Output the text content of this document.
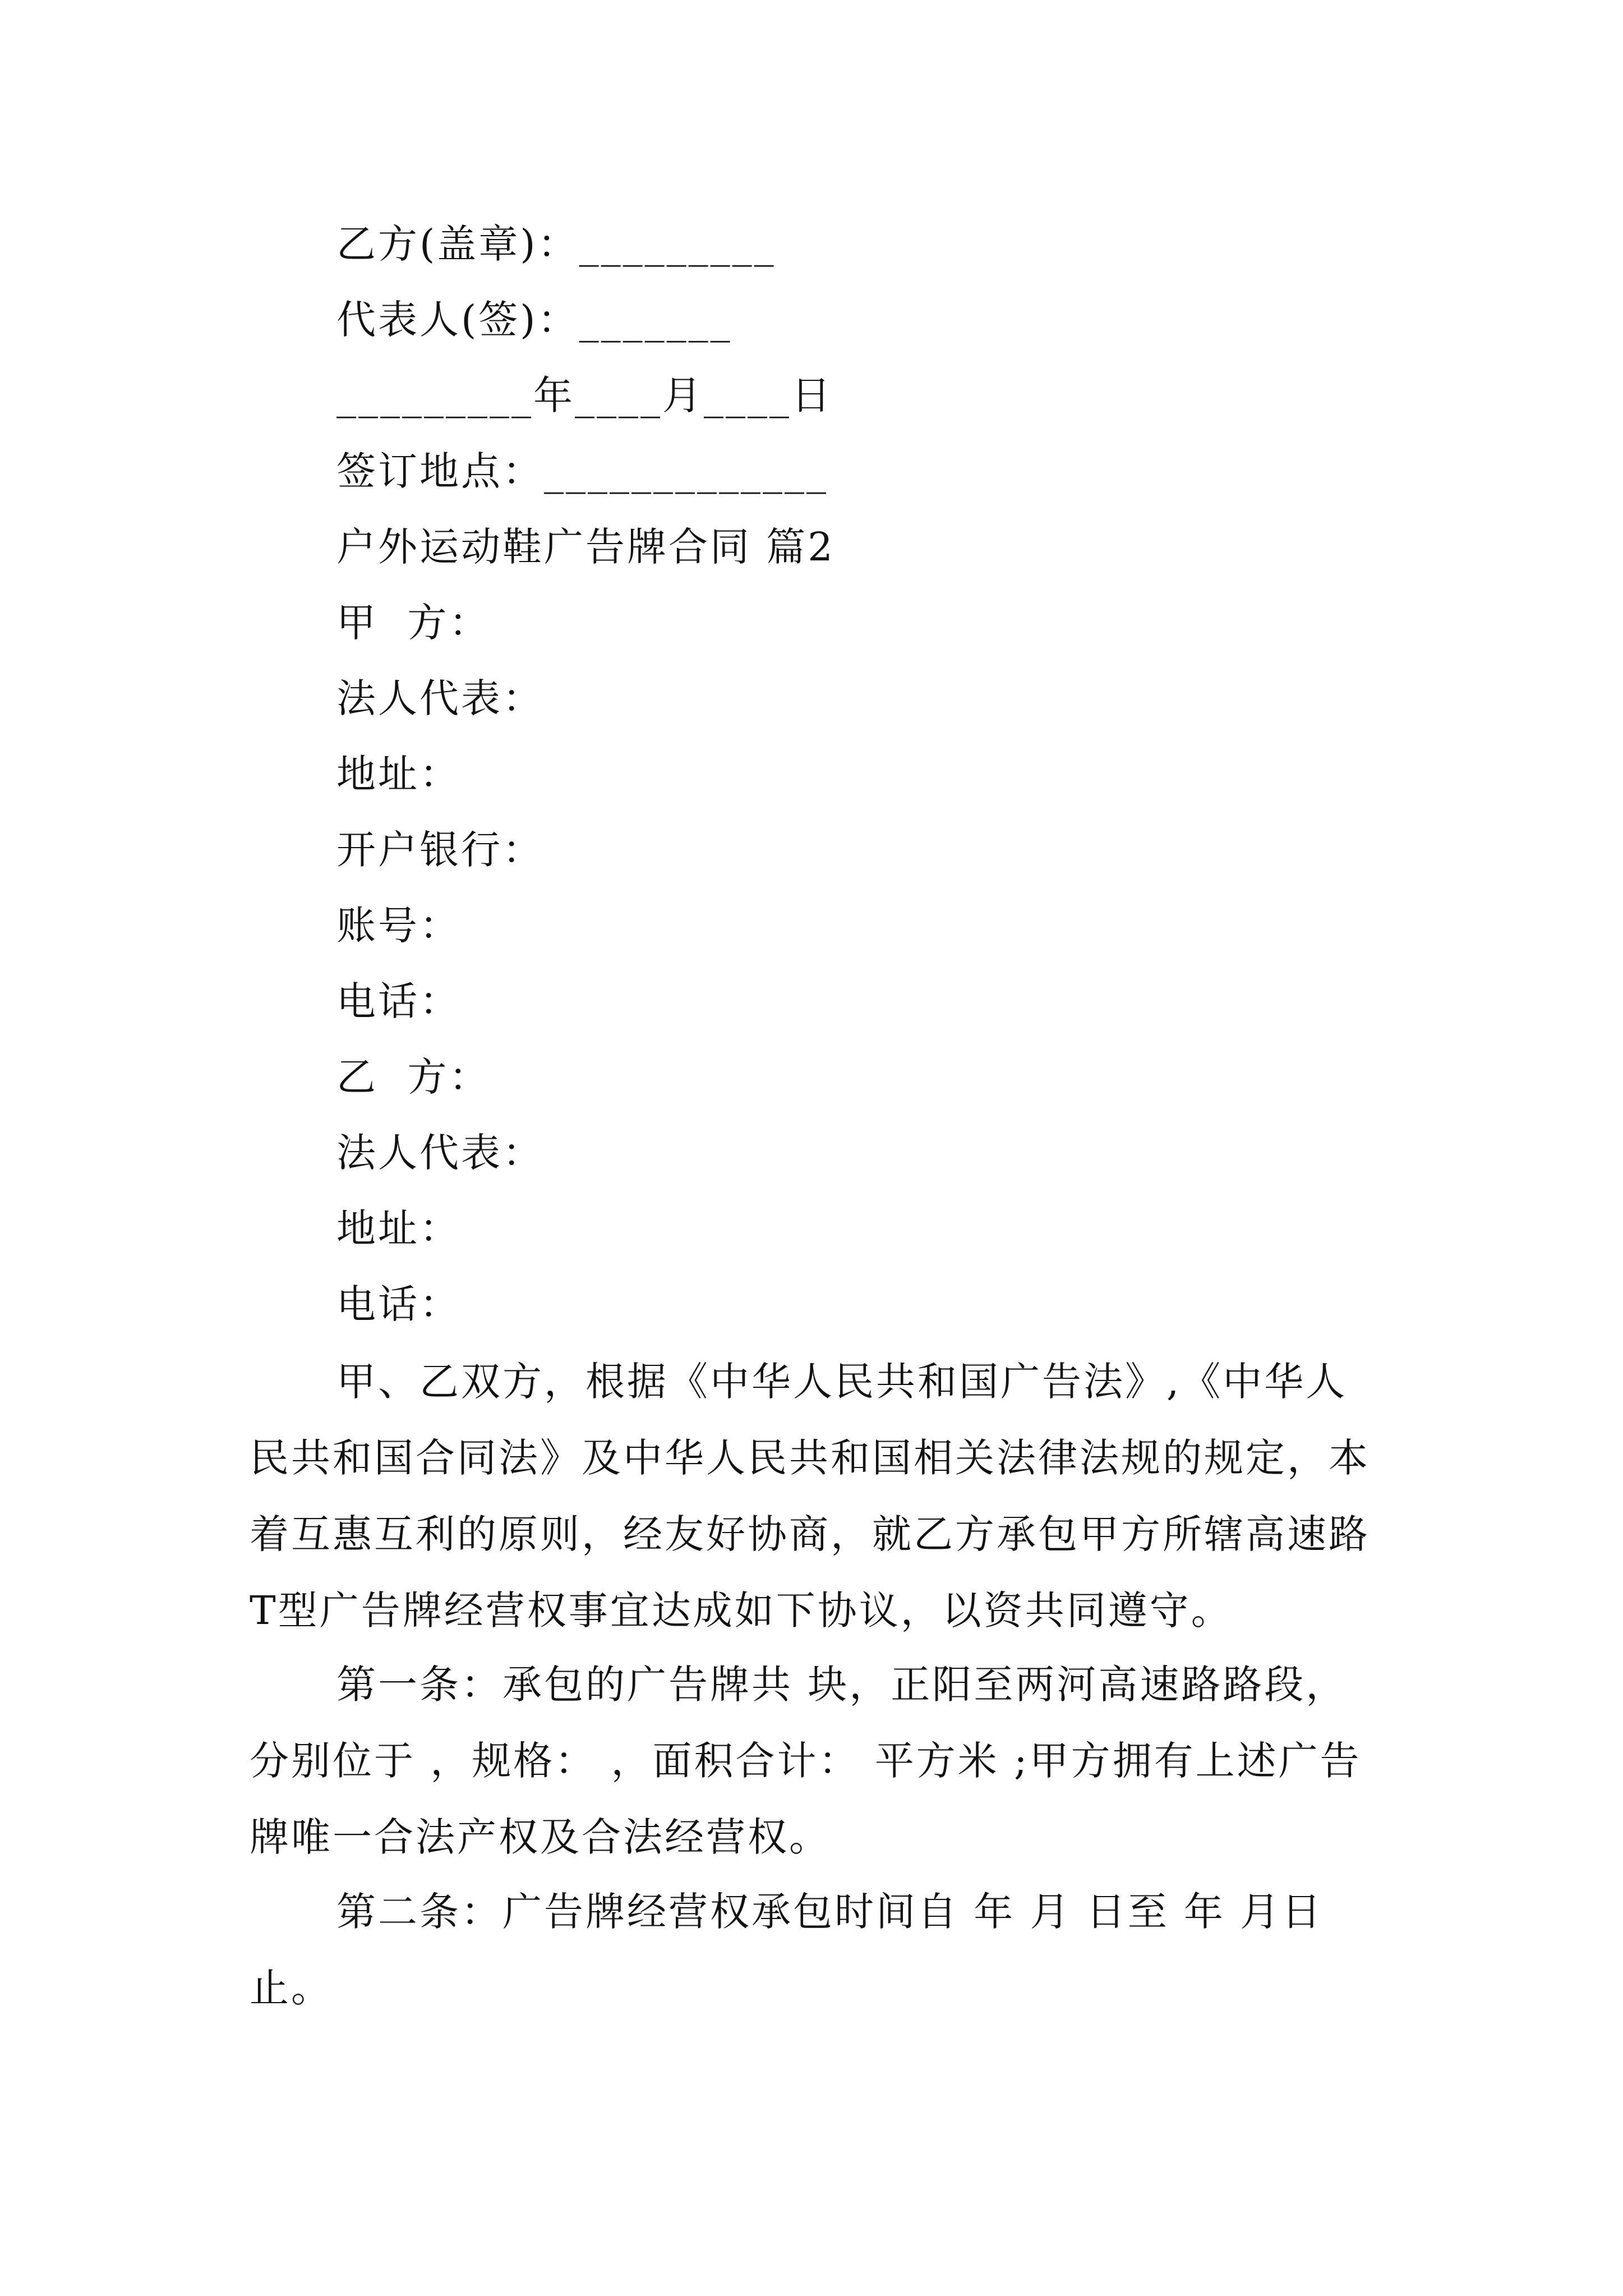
乙方(盖章)：_________
代表人(签)：_______
_________年____月____日
签订地点：_____________
户外运动鞋广告牌合同 篇2
甲  方：
法人代表：
地址：
开户银行：
账号：
电话：
乙  方：
法人代表：
地址：
电话：

甲、乙双方，根据《中华人民共和国广告法》,《中华人民共和国合同法》及中华人民共和国相关法律法规的规定，本着互惠互利的原则，经友好协商，就乙方承包甲方所辖高速路T型广告牌经营权事宜达成如下协议，以资共同遵守。

第一条：承包的广告牌共 块，正阳至两河高速路路段，分别位于 ，规格： ，面积合计： 平方米 ;甲方拥有上述广告牌唯一合法产权及合法经营权。

第二条：广告牌经营权承包时间自 年 月 日至 年 月日止。
